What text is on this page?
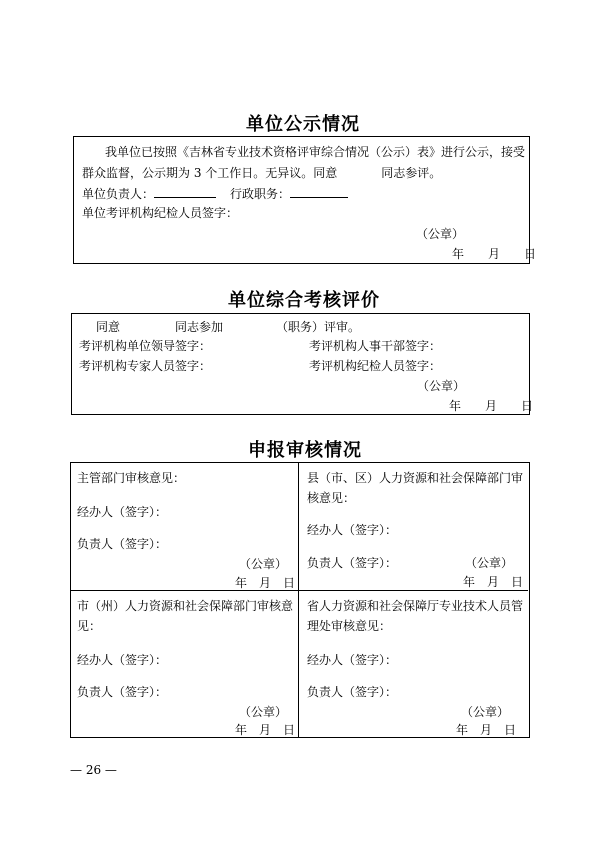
单位公示情况
我单位已按照《吉林省专业技术资格评审综合情况（公示）表》进行公示，接受
群众监督，公示期为 3 个工作日。无异议。同意	同志参评。
单位负责人：	行政职务：
单位考评机构纪检人员签字：
（公章）
年　　月　　日
单位综合考核评价
同意	同志参加	（职务）评审。
考评机构单位领导签字：	考评机构人事干部签字：
考评机构专家人员签字：	考评机构纪检人员签字：
（公章）
年　　月　　日
申报审核情况
主管部门审核意见：
经办人（签字）：
负责人（签字）：
（公章）
年　月　日
县（市、区）人力资源和社会保障部门审
核意见：
经办人（签字）：
负责人（签字）：	（公章）
年　月　日
市（州）人力资源和社会保障部门审核意
见：
经办人（签字）：
负责人（签字）：
（公章）
年　月　日
省人力资源和社会保障厅专业技术人员管
理处审核意见：
经办人（签字）：
负责人（签字）：
（公章）
年　月　日
— 26 —
